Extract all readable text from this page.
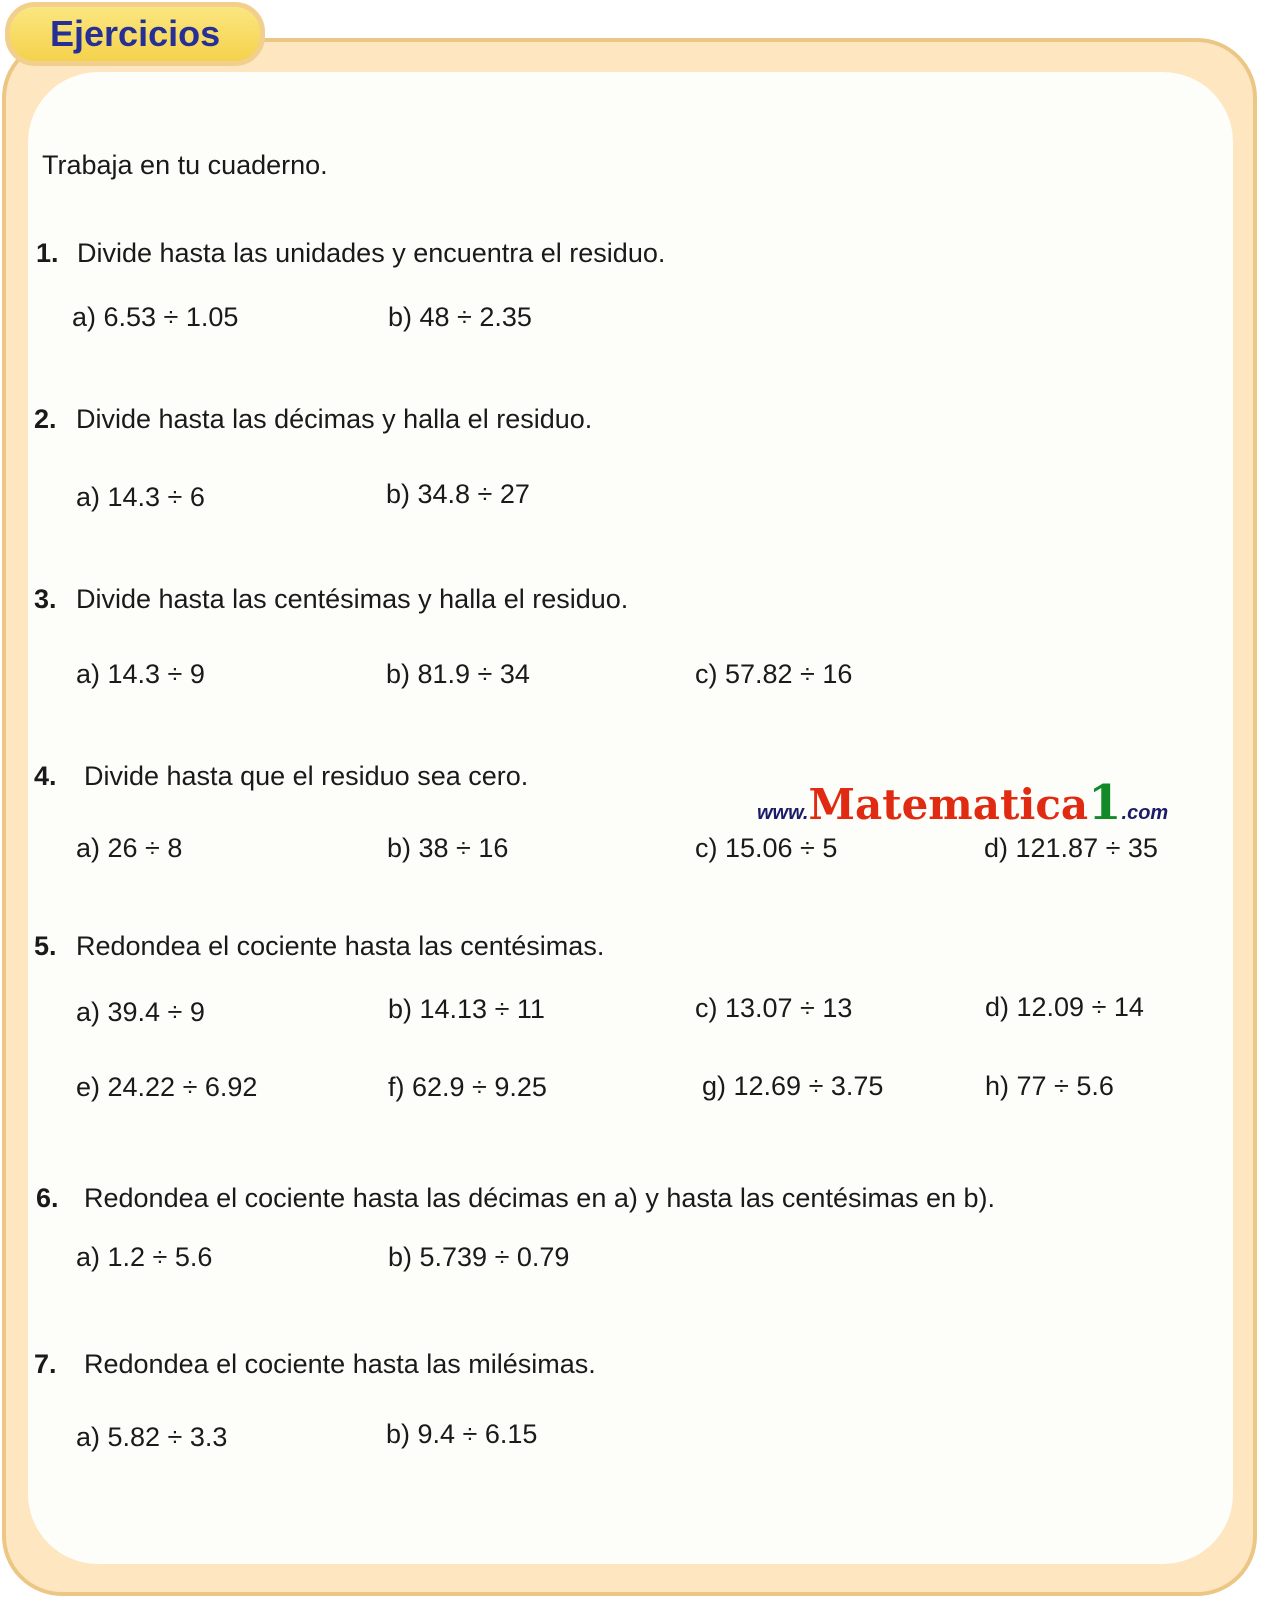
Ejercicios
Trabaja en tu cuaderno.
1. Divide hasta las unidades y encuentra el residuo.
a) 6.53 ÷ 1.05	b) 48 ÷ 2.35
2. Divide hasta las décimas y halla el residuo.
a) 14.3 ÷ 6	b) 34.8 ÷ 27
3. Divide hasta las centésimas y halla el residuo.
a) 14.3 ÷ 9	b) 81.9 ÷ 34	c) 57.82 ÷ 16
4. Divide hasta que el residuo sea cero.
www.Matematica1.com
a) 26 ÷ 8	b) 38 ÷ 16	c) 15.06 ÷ 5	d) 121.87 ÷ 35
5. Redondea el cociente hasta las centésimas.
a) 39.4 ÷ 9	b) 14.13 ÷ 11	c) 13.07 ÷ 13	d) 12.09 ÷ 14
e) 24.22 ÷ 6.92	f) 62.9 ÷ 9.25	g) 12.69 ÷ 3.75	h) 77 ÷ 5.6
6. Redondea el cociente hasta las décimas en a) y hasta las centésimas en b).
a) 1.2 ÷ 5.6	b) 5.739 ÷ 0.79
7. Redondea el cociente hasta las milésimas.
a) 5.82 ÷ 3.3	b) 9.4 ÷ 6.15
